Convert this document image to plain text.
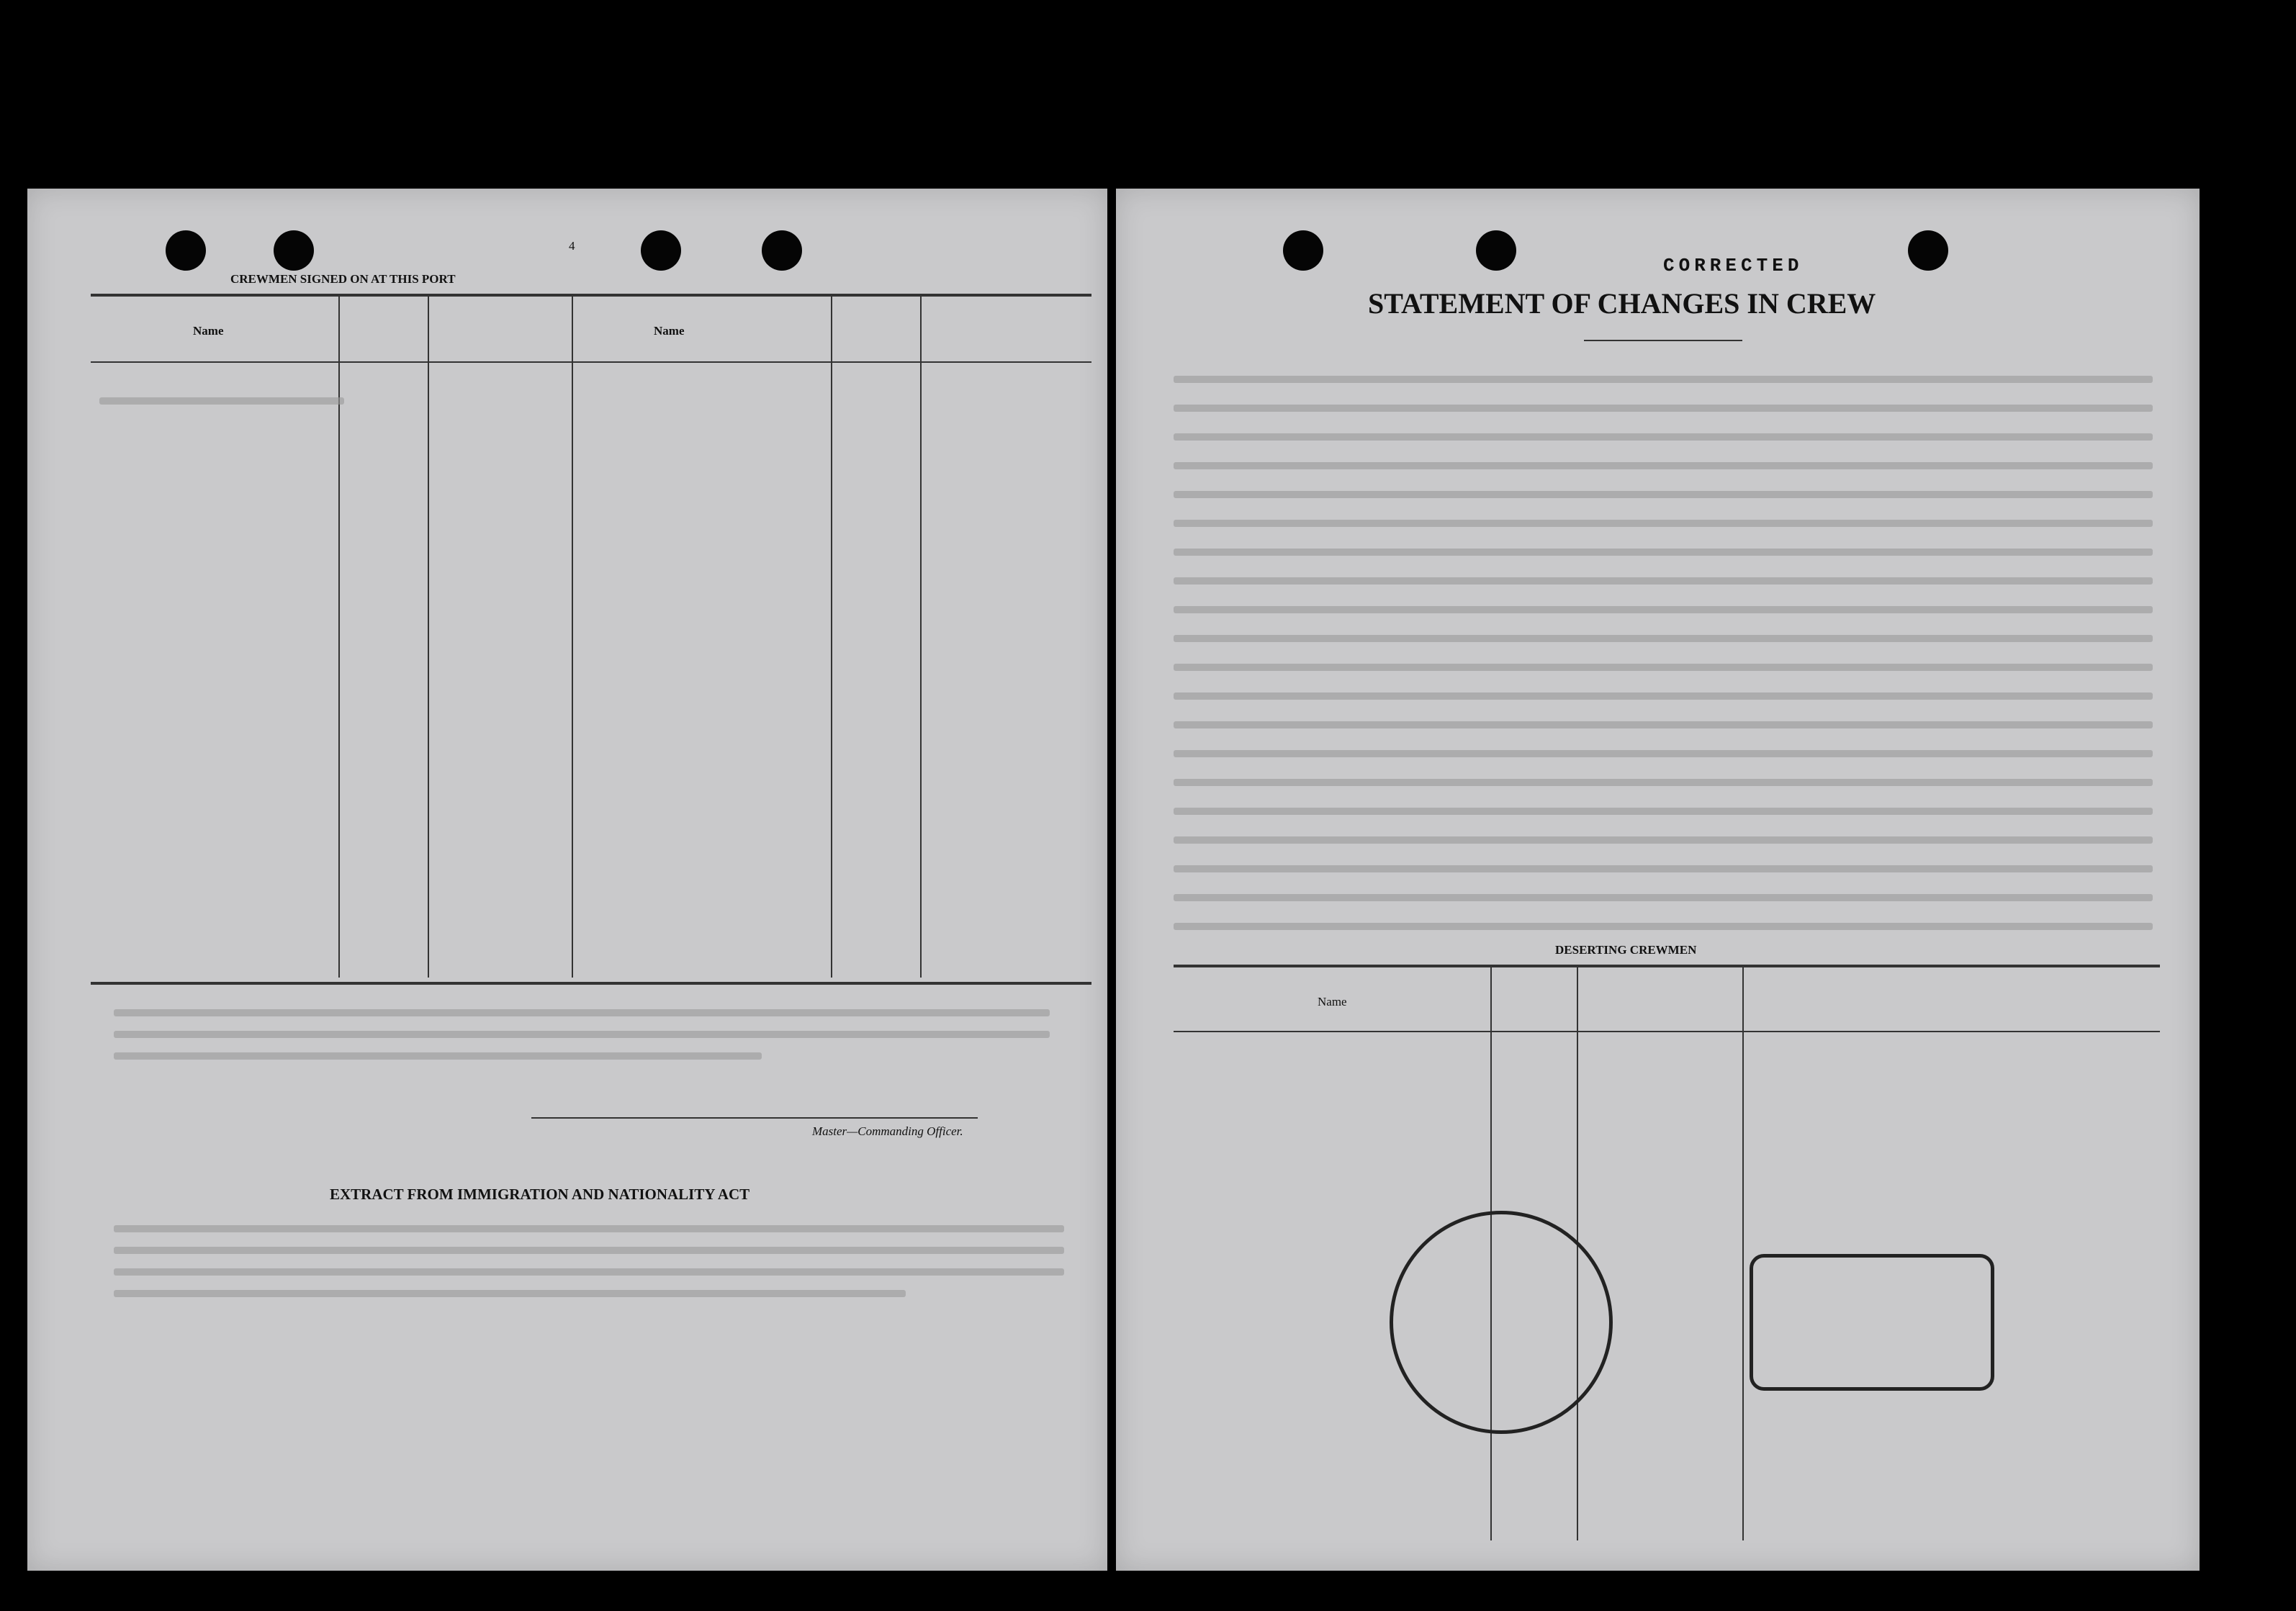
4
CREWMEN SIGNED ON AT THIS PORT
Name	Name
Master—Commanding Officer.
EXTRACT FROM IMMIGRATION AND NATIONALITY ACT
CORRECTED
STATEMENT OF CHANGES IN CREW
DESERTING CREWMEN
Name
